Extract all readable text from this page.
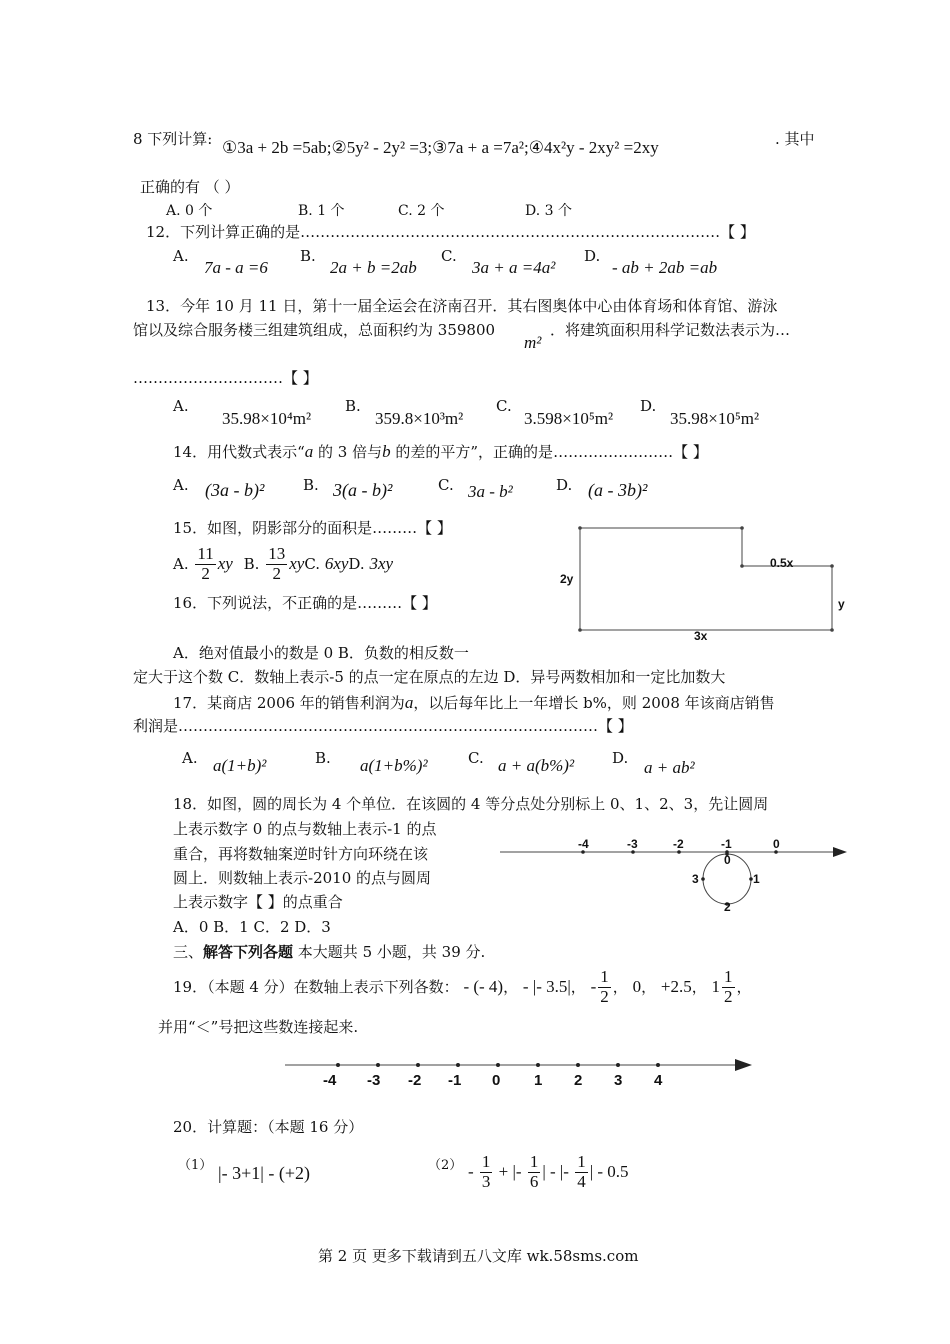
8 下列计算: ①3a + 2b =5ab;②5y² - 2y² =3;③7a + a =7a²;④4x²y - 2xy² =2xy	. 其中
正确的有 （ ）
A. 0 个	B. 1 个	C. 2 个	D. 3 个
12．下列计算正确的是…………………………………………………………………………【 】
A.
7a - a =6
B.
2a + b =2ab
C.
3a + a =4a²
D.
- ab + 2ab =ab
13．今年 10 月 11 日，第十一届全运会在济南召开．其右图奥体中心由体育场和体育馆、游泳
馆以及综合服务楼三组建筑组成，总面积约为 359800
m²
．将建筑面积用科学记数法表示为…
…………………………【 】
A.
35.98×10⁴m²
B.
359.8×10³m²
C.
3.598×10⁵m²
D.
35.98×10⁵m²
14．用代数式表示“a 的 3 倍与b 的差的平方”，正确的是……………………【 】
A. (3a - b)²	B. 3(a - b)²	C. 3a - b²	D. (a - 3b)²
15．如图，阴影部分的面积是………【 】
A. $\frac{11}{2}$ xy B. $\frac{13}{2}$ xyC. 6xyD. 3xy
2y
0.5x
y
3x
16．下列说法，不正确的是………【 】
A．绝对值最小的数是 0 B．负数的相反数一
定大于这个数 C．数轴上表示-5 的点一定在原点的左边 D．异号两数相加和一定比加数大
17．某商店 2006 年的销售利润为a，以后每年比上一年增长 b%，则 2008 年该商店销售
利润是…………………………………………………………………………【 】
A. a(1+b)²	B. a(1+b%)²	C. a + a(b%)²	D. a + ab²
18．如图，圆的周长为 4 个单位．在该圆的 4 等分点处分别标上 0、1、2、3，先让圆周
上表示数字 0 的点与数轴上表示-1 的点
重合，再将数轴案逆时针方向环绕在该
圆上．则数轴上表示-2010 的点与圆周
上表示数字【 】的点重合
A．0 B．1 C．2 D．3
-4	-3	-2	-1	0
0
1
2
3
三、解答下列各题 本大题共 5 小题，共 39 分.
19．（本题 4 分）在数轴上表示下列各数： - (- 4)， - |- 3.5|， - $\frac{1}{2}$ ， 0， +2.5， $1 \frac{1}{2}$ ，
并用“＜”号把这些数连接起来.
-4 -3 -2 -1 0 1 2 3 4
20．计算题：（本题 16 分）
（1） |- 3+1| - (+2)	$(2) - \frac{1}{3}$ + |- $\frac{1}{6}$ | - |- $\frac{1}{4}$ | - 0.5
第 2 页 更多下载请到五八文库 wk.58sms.com
